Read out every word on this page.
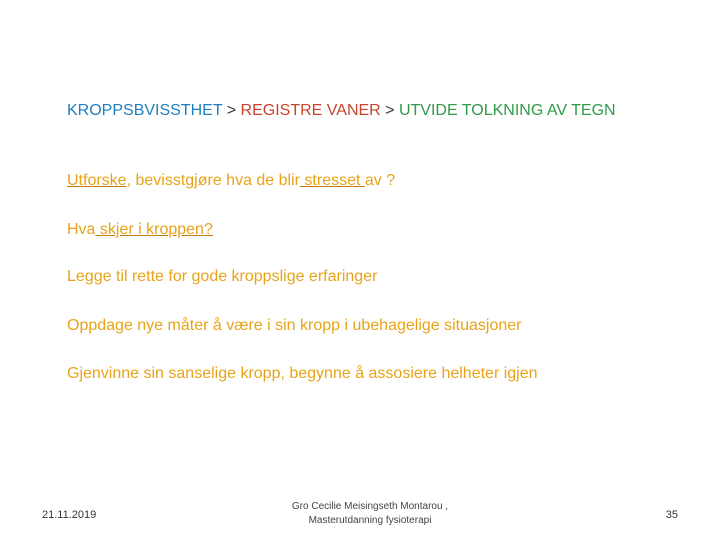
KROPPSBVISSTHET > REGISTRE VANER > UTVIDE TOLKNING AV TEGN
Utforske, bevisstgjøre hva de blir stresset av ?
Hva skjer i kroppen?
Legge til rette for gode kroppslige erfaringer
Oppdage nye måter å være i sin kropp i ubehagelige situasjoner
Gjenvinne sin sanselige kropp, begynne å assosiere helheter igjen
21.11.2019
Gro Cecilie Meisingseth Montarou ,
Masterutdanning fysioterapi	35
